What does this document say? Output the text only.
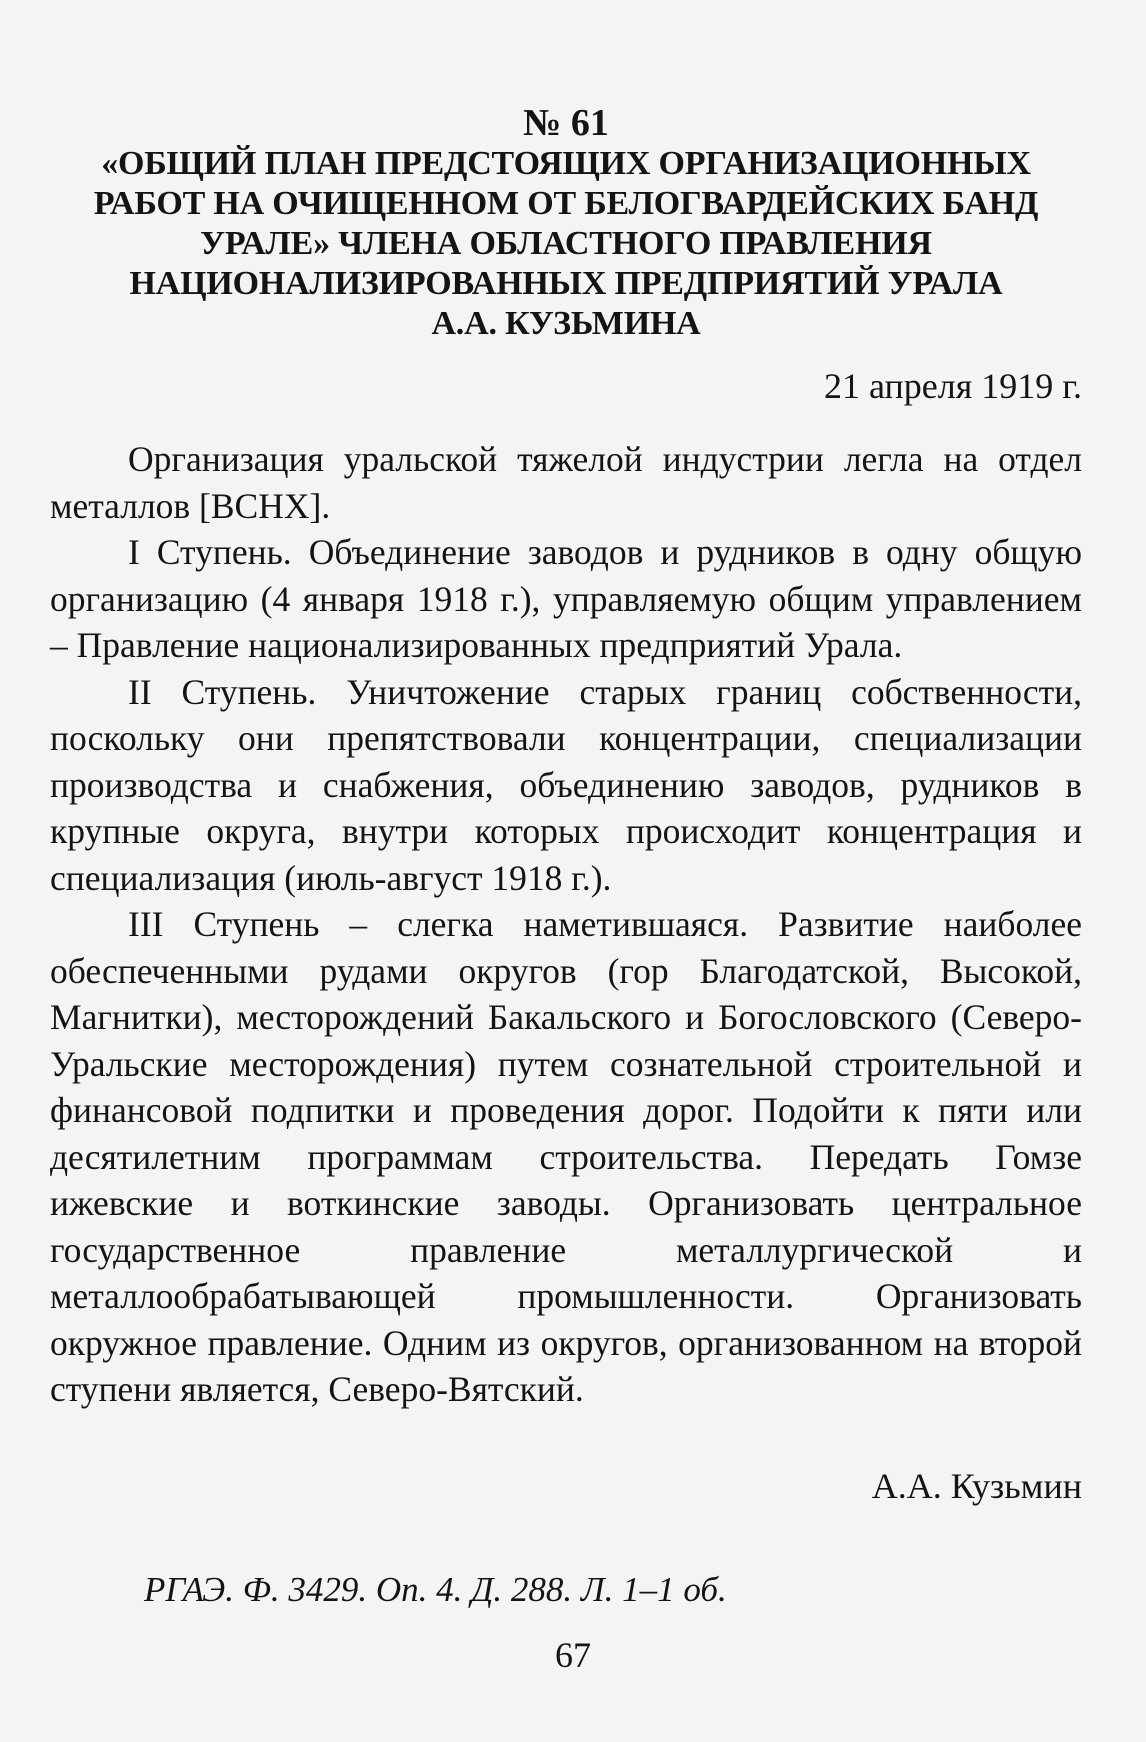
№ 61

«ОБЩИЙ ПЛАН ПРЕДСТОЯЩИХ ОРГАНИЗАЦИОННЫХ
РАБОТ НА ОЧИЩЕННОМ ОТ БЕЛОГВАРДЕЙСКИХ БАНД
УРАЛЕ» ЧЛЕНА ОБЛАСТНОГО ПРАВЛЕНИЯ
НАЦИОНАЛИЗИРОВАННЫХ ПРЕДПРИЯТИЙ УРАЛА
А.А. КУЗЬМИНА

21 апреля 1919 г.

Организация уральской тяжелой индустрии легла на отдел металлов [ВСНХ].

I Ступень. Объединение заводов и рудников в одну общую организацию (4 января 1918 г.), управляемую общим управлением – Правление национализированных предприятий Урала.

II Ступень. Уничтожение старых границ собственности, поскольку они препятствовали концентрации, специализации производства и снабжения, объединению заводов, рудников в крупные округа, внутри которых происходит концентрация и специализация (июль-август 1918 г.).

III Ступень – слегка наметившаяся. Развитие наиболее обеспеченными рудами округов (гор Благодатской, Высокой, Магнитки), месторождений Бакальского и Богословского (Северо-Уральские месторождения) путем сознательной строительной и финансовой подпитки и проведения дорог. Подойти к пяти или десятилетним программам строительства. Передать Гомзе ижевские и воткинские заводы. Организовать центральное государственное правление металлургической и металлообрабатывающей промышленности. Организовать окружное правление. Одним из округов, организованном на второй ступени является, Северо-Вятский.

А.А. Кузьмин

РГАЭ. Ф. 3429. Оп. 4. Д. 288. Л. 1–1 об.

67
